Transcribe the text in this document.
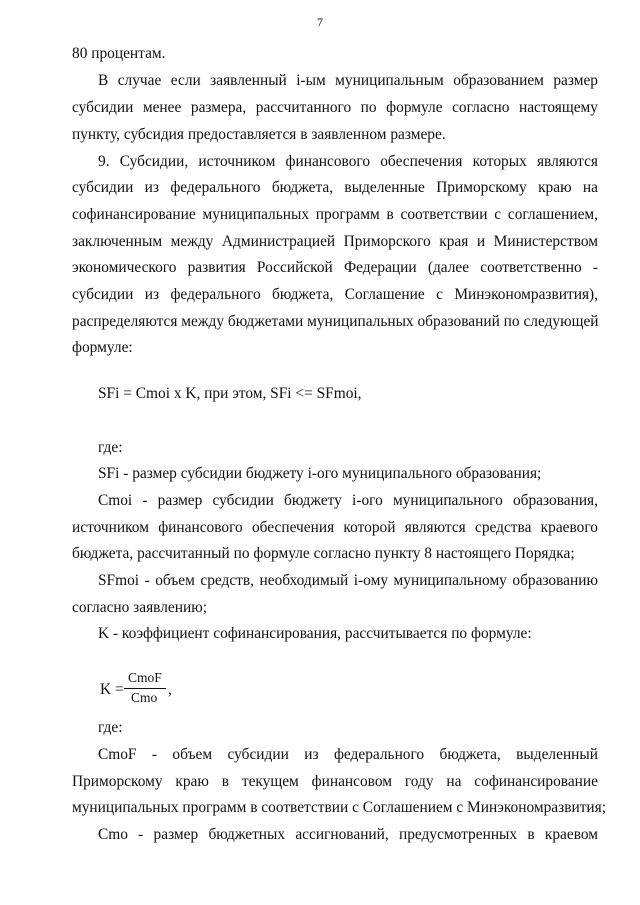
7
80 процентам.
В случае если заявленный i-ым муниципальным образованием размер
субсидии менее размера, рассчитанного по формуле согласно настоящему
пункту, субсидия предоставляется в заявленном размере.
9. Субсидии, источником финансового обеспечения которых являются
субсидии из федерального бюджета, выделенные Приморскому краю на
софинансирование муниципальных программ в соответствии с соглашением,
заключенным между Администрацией Приморского края и Министерством
экономического развития Российской Федерации (далее соответственно -
субсидии из федерального бюджета, Соглашение с Минэкономразвития),
распределяются между бюджетами муниципальных образований по следующей
формуле:
SFi = Cmoi x K, при этом, SFi <= SFmoi,
где:
SFi - размер субсидии бюджету i-ого муниципального образования;
Cmoi - размер субсидии бюджету i-ого муниципального образования,
источником финансового обеспечения которой являются средства краевого
бюджета, рассчитанный по формуле согласно пункту 8 настоящего Порядка;
SFmoi - объем средств, необходимый i-ому муниципальному образованию
согласно заявлению;
K - коэффициент софинансирования, рассчитывается по формуле:
K =
CmoF
Cmo ,
где:
CmoF - объем субсидии из федерального бюджета, выделенный
Приморскому краю в текущем финансовом году на софинансирование
муниципальных программ в соответствии с Соглашением с Минэкономразвития;
Cmo - размер бюджетных ассигнований, предусмотренных в краевом
